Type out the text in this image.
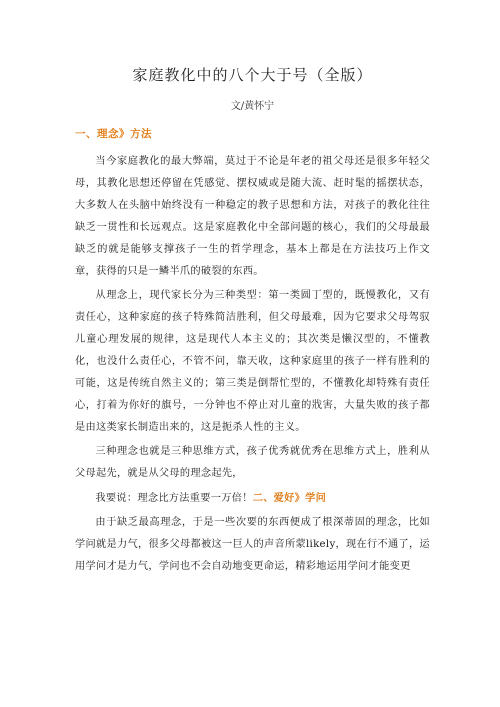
家庭教化中的八个大于号（全版）
文/黄怀宁
一、理念》方法

当今家庭教化的最大弊端，莫过于不论是年老的祖父母还是很多年轻父母，其教化思想还停留在凭感觉、摆权威或是随大流、赶时髦的摇摆状态，大多数人在头脑中始终没有一种稳定的教子思想和方法，对孩子的教化往往缺乏一贯性和长远观点。这是家庭教化中全部问题的核心，我们的父母最最缺乏的就是能够支撑孩子一生的哲学理念，基本上都是在方法技巧上作文章，获得的只是一鳞半爪的破裂的东西。

从理念上，现代家长分为三种类型：第一类圆丁型的，既慢教化，又有责任心，这种家庭的孩子特殊简洁胜利，但父母最难，因为它要求父母驾驭儿童心理发展的规律，这是现代人本主义的；其次类是懒汉型的，不懂教化，也没什么责任心，不管不问，靠天收，这种家庭里的孩子一样有胜利的可能，这是传统自然主义的；第三类是倒帮忙型的，不懂教化却特殊有责任心，打着为你好的旗号，一分钟也不停止对儿童的戕害，大量失败的孩子都是由这类家长制造出来的，这是扼杀人性的主义。

三种理念也就是三种思维方式，孩子优秀就优秀在思维方式上，胜利从父母起先，就是从父母的理念起先，

我要说：理念比方法重要一万倍！二、爱好》学问

由于缺乏最高理念，于是一些次要的东西便成了根深蒂固的理念，比如学问就是力气，很多父母都被这一巨人的声音所蒙likely，现在行不通了，运用学问才是力气，学问也不会自动地变更命运，精彩地运用学问才能变更
